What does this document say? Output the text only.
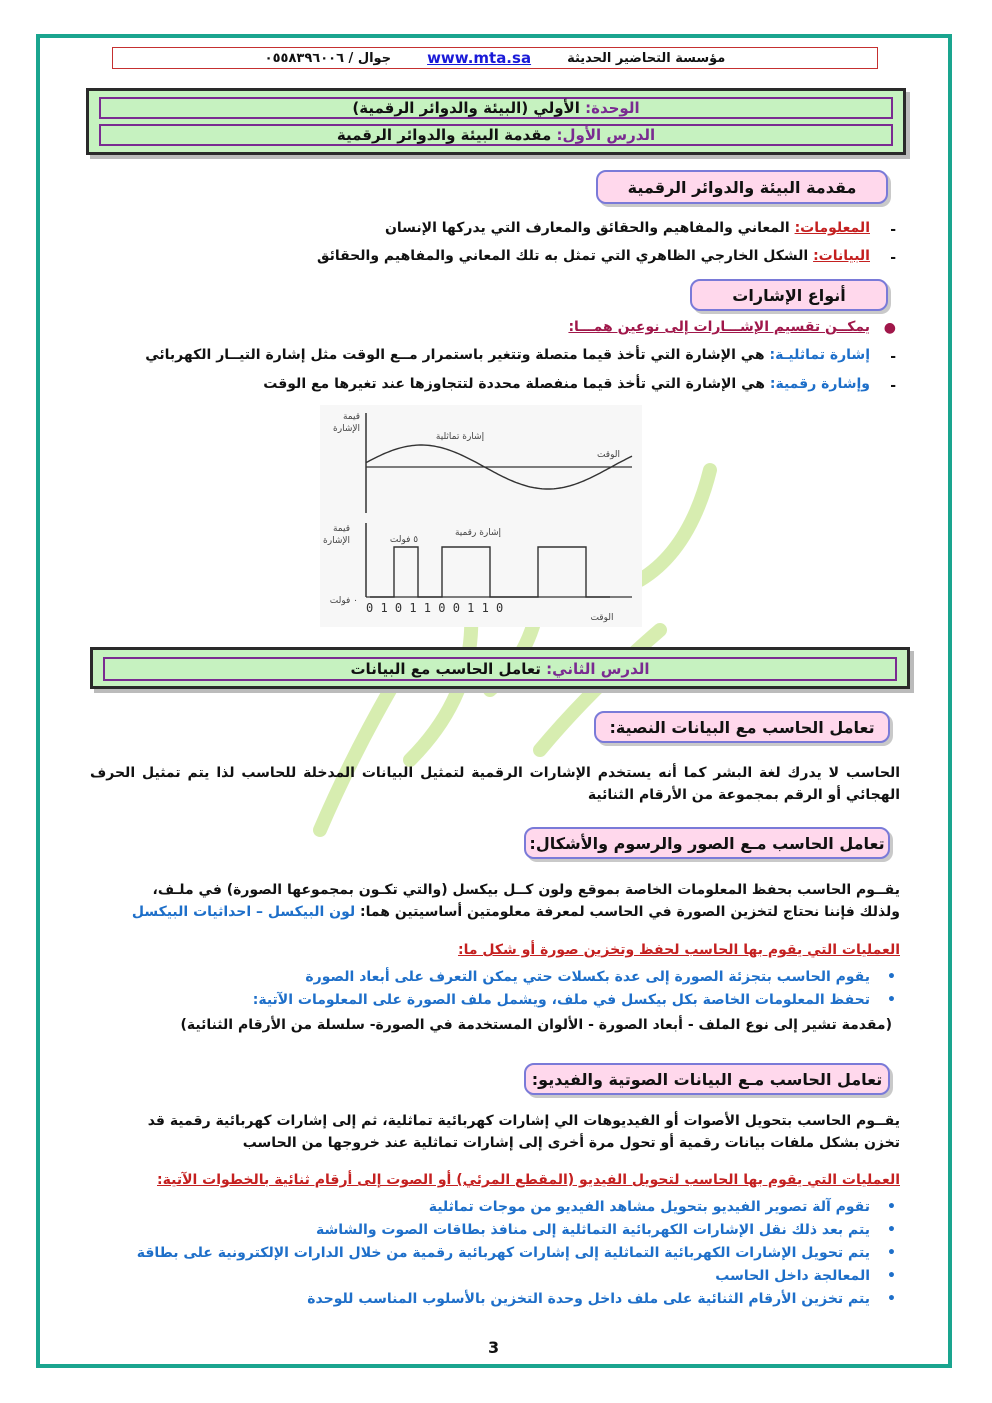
مؤسسة التحاضير الحديثة
www.mta.sa
جوال / ٠٥٥٨٣٩٦٠٠٦
الوحدة:

الأولي (البيئة والدوائر الرقمية)
الدرس الأول:

مقدمة البيئة والدوائر الرقمية
مقدمة البيئة والدوائر الرقمية
-
المعلومات: المعاني والمفاهيم والحقائق والمعارف التي يدركها الإنسان
-
البيانات: الشكل الخارجي الظاهري التي تمثل به تلك المعاني والمفاهيم والحقائق
أنواع الإشارات
●
يمكــن تقسيم الإشـــارات إلى نوعين همـــا:
-
إشارة تماثليـة: هي الإشارة التي تأخذ قيما متصلة وتتغير باستمرار مــع الوقت مثل إشارة التيــار الكهربائي
-
وإشارة رقمية: هي الإشارة التي تأخذ قيما منفصلة محددة لتتجاوزها عند تغيرها مع الوقت
قيمة
الإشارة
إشارة تماثلية
الوقت
قيمة
الإشارة	٥ فولت
٠ فولت
إشارة رقمية
0 1 0 1 1 0 0 1 1 0
الوقت
الدرس الثاني:

تعامل الحاسب مع البيانات
تعامل الحاسب مع البيانات النصية:
الحاسب لا يدرك لغة البشر كما أنه يستخدم الإشارات الرقمية لتمثيل البيانات المدخلة للحاسب لذا يتم تمثيل الحرف الهجائي أو الرقم بمجموعة من الأرقام الثنائية
تعامل الحاسب مـع الصور والرسوم والأشكال:
يقــوم الحاسب بحفظ المعلومات الخاصة بموقع ولون كــل بيكسل (والتي تكـون بمجموعها الصورة) في ملـف،
ولذلك فإننا نحتاج لتخزين الصورة في الحاسب لمعرفة معلومتين أساسيتين هما: لون البيكسل – احداثيات البيكسل
العمليات التي يقوم بها الحاسب لحفظ وتخزين صورة أو شكل ما:
• يقوم الحاسب بتجزئة الصورة إلى عدة بكسلات حتي يمكن التعرف على أبعاد الصورة
• تحفظ المعلومات الخاصة بكل بيكسل في ملف، ويشمل ملف الصورة على المعلومات الآتية:
(مقدمة تشير إلى نوع الملف - أبعاد الصورة - الألوان المستخدمة في الصورة- سلسلة من الأرقام الثنائية)
تعامل الحاسب مـع البيانات الصوتية والفيديو:
يقــوم الحاسب بتحويل الأصوات أو الفيديوهات الي إشارات كهربائية تماثلية، ثم إلى إشارات كهربائية رقمية قد
تخزن بشكل ملفات بيانات رقمية أو تحول مرة أخرى إلى إشارات تماثلية عند خروجها من الحاسب
العمليات التي يقوم بها الحاسب لتحويل الفيديو (المقطع المرئي) أو الصوت إلى أرقام ثنائية بالخطوات الآتية:
• تقوم آلة تصوير الفيديو بتحويل مشاهد الفيديو من موجات تماثلية
• يتم بعد ذلك نقل الإشارات الكهربائية التماثلية إلى منافذ بطاقات الصوت والشاشة
• يتم تحويل الإشارات الكهربائية التماثلية إلى إشارات كهربائية رقمية من خلال الدارات الإلكترونية على بطاقة
• المعالجة داخل الحاسب
• يتم تخزين الأرقام الثنائية على ملف داخل وحدة التخزين بالأسلوب المناسب للوحدة
3
